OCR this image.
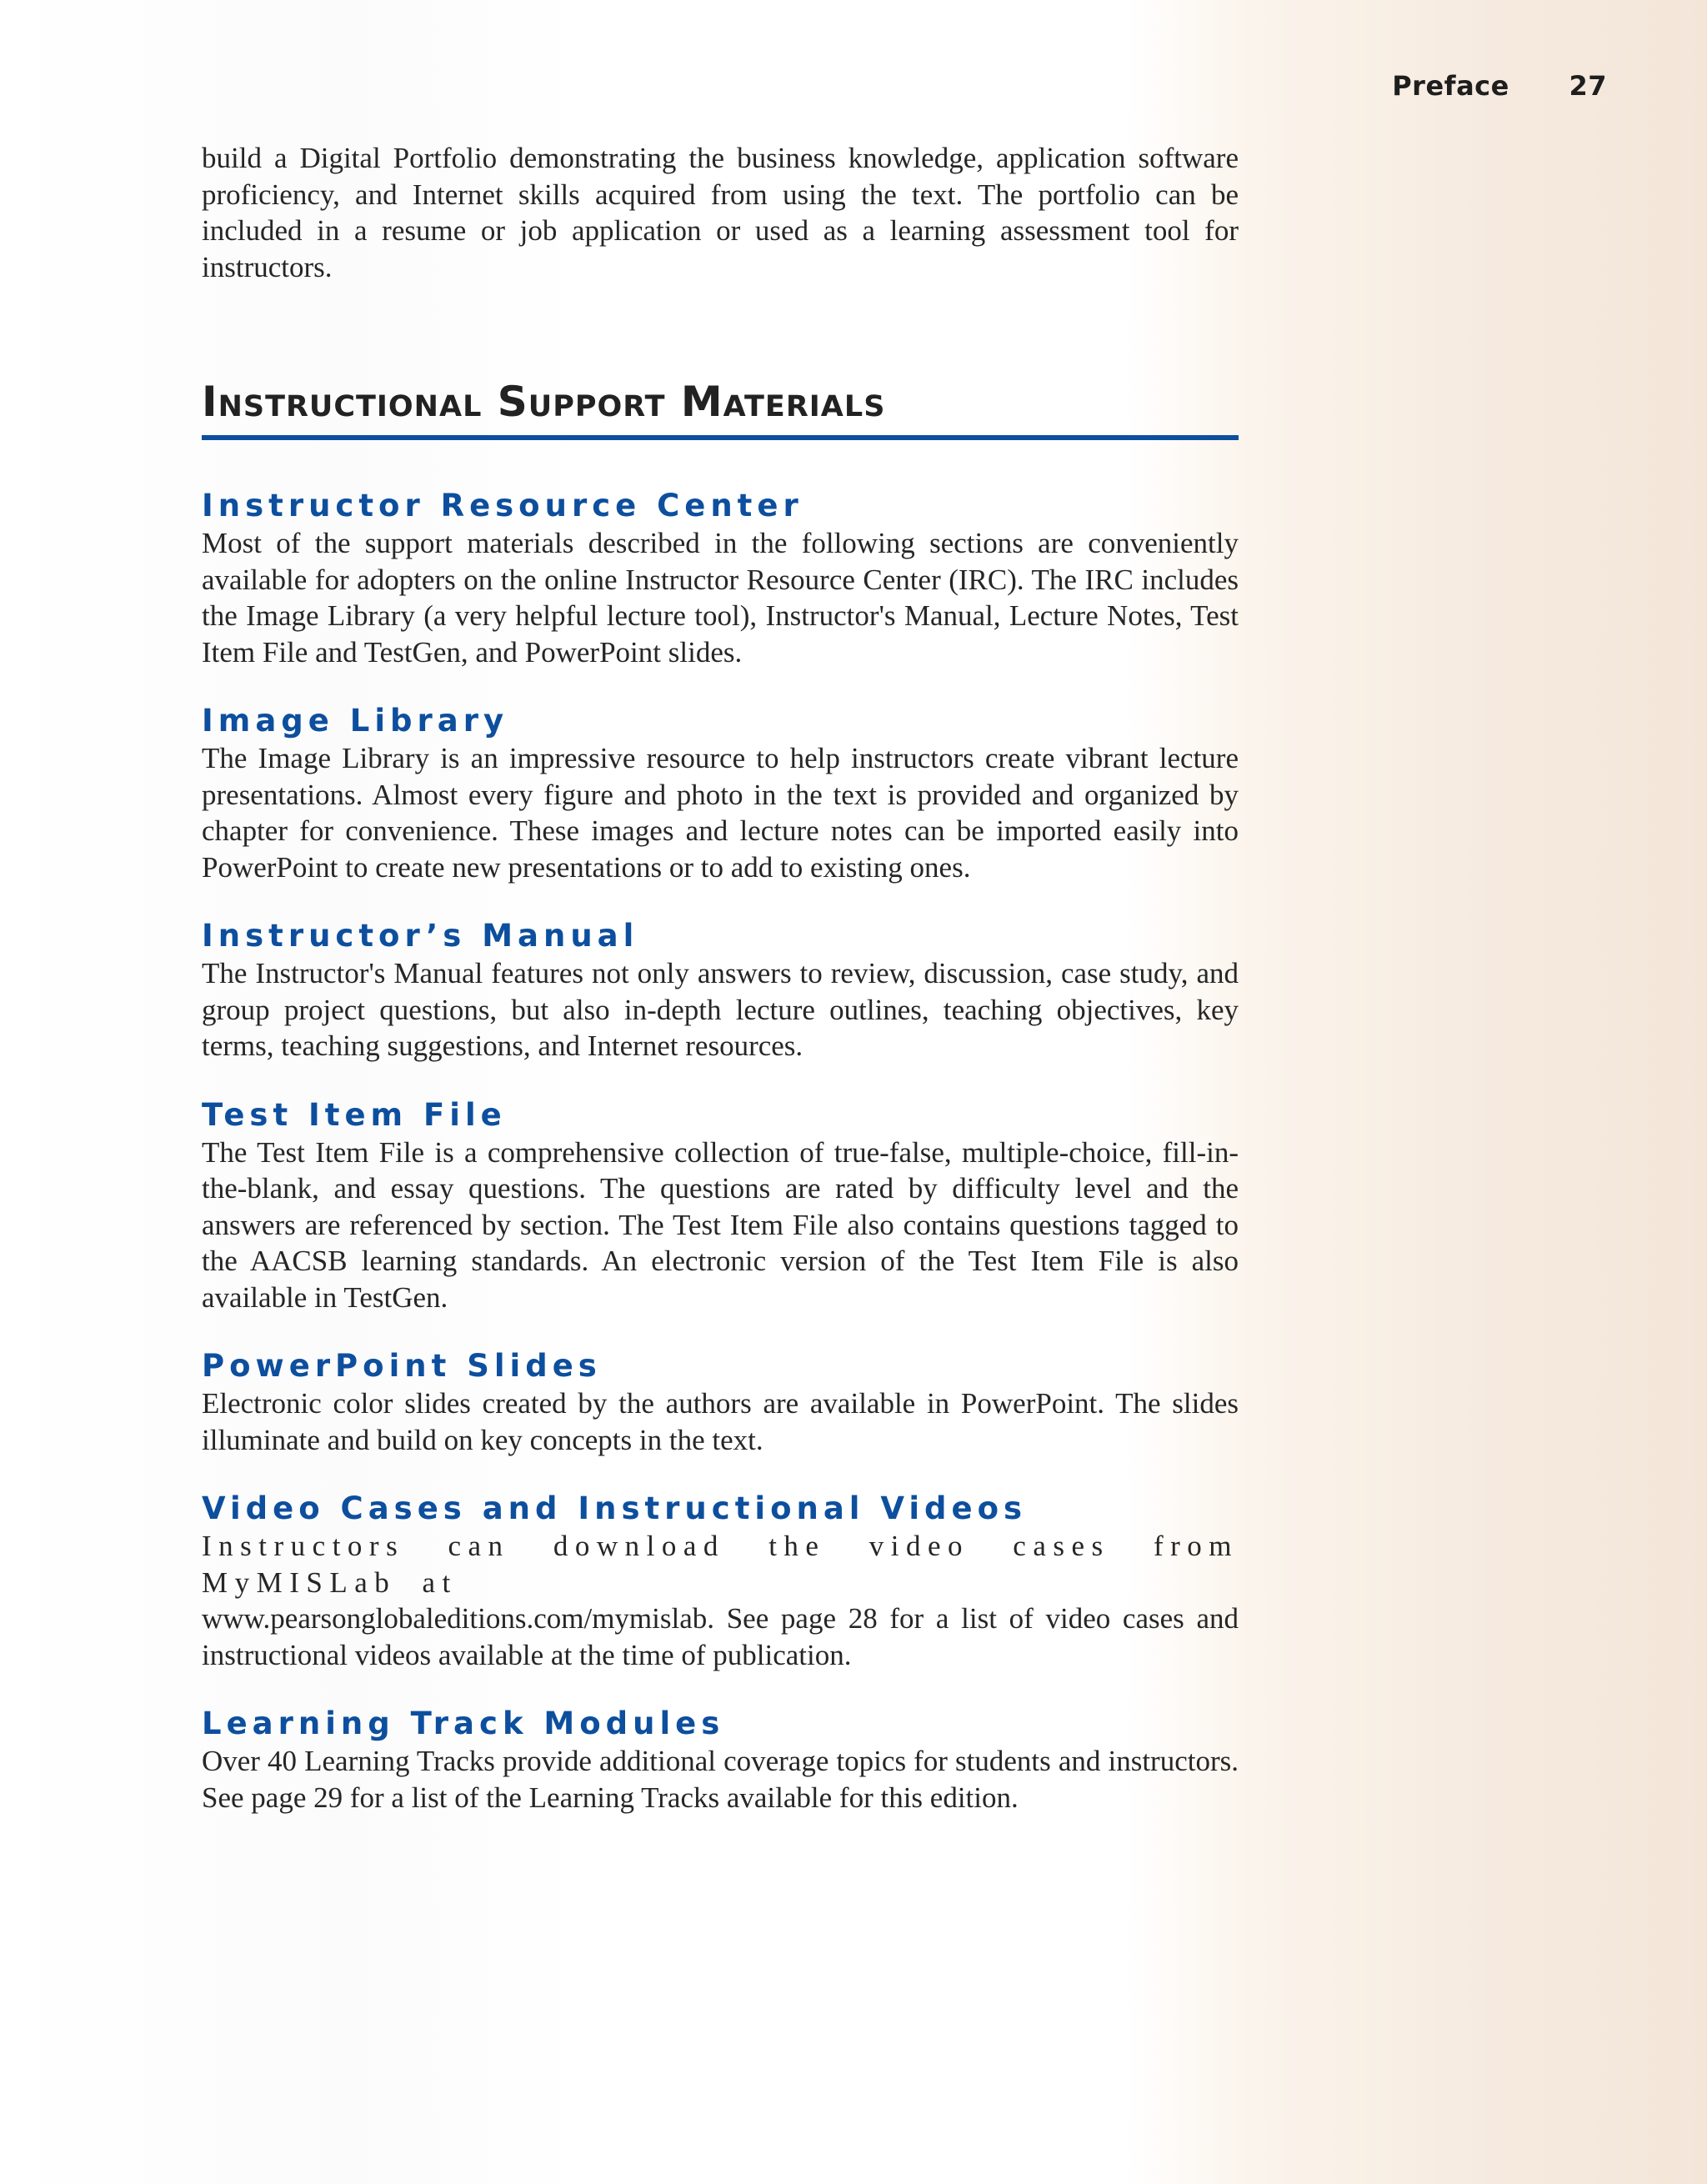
Preface 27

build a Digital Portfolio demonstrating the business knowledge, application software proficiency, and Internet skills acquired from using the text. The portfolio can be included in a resume or job application or used as a learning assessment tool for instructors.

Instructional Support Materials
Instructor Resource Center

Most of the support materials described in the following sections are conveniently available for adopters on the online Instructor Resource Center (IRC). The IRC includes the Image Library (a very helpful lecture tool), Instructor's Manual, Lecture Notes, Test Item File and TestGen, and PowerPoint slides.

Image Library

The Image Library is an impressive resource to help instructors create vibrant lecture presentations. Almost every figure and photo in the text is provided and organized by chapter for convenience. These images and lecture notes can be imported easily into PowerPoint to create new presentations or to add to existing ones.

Instructor’s Manual

The Instructor's Manual features not only answers to review, discussion, case study, and group project questions, but also in-depth lecture outlines, teaching objectives, key terms, teaching suggestions, and Internet resources.

Test Item File

The Test Item File is a comprehensive collection of true-false, multiple-choice, fill-in-the-blank, and essay questions. The questions are rated by difficulty level and the answers are referenced by section. The Test Item File also contains questions tagged to the AACSB learning standards. An electronic version of the Test Item File is also available in TestGen.

PowerPoint Slides

Electronic color slides created by the authors are available in PowerPoint. The slides illuminate and build on key concepts in the text.

Video Cases and Instructional Videos

Instructors can download the video cases from MyMISLab at

www.pearsonglobaleditions.com/mymislab. See page 28 for a list of video cases and instructional videos available at the time of publication.

Learning Track Modules

Over 40 Learning Tracks provide additional coverage topics for students and instructors. See page 29 for a list of the Learning Tracks available for this edition.
